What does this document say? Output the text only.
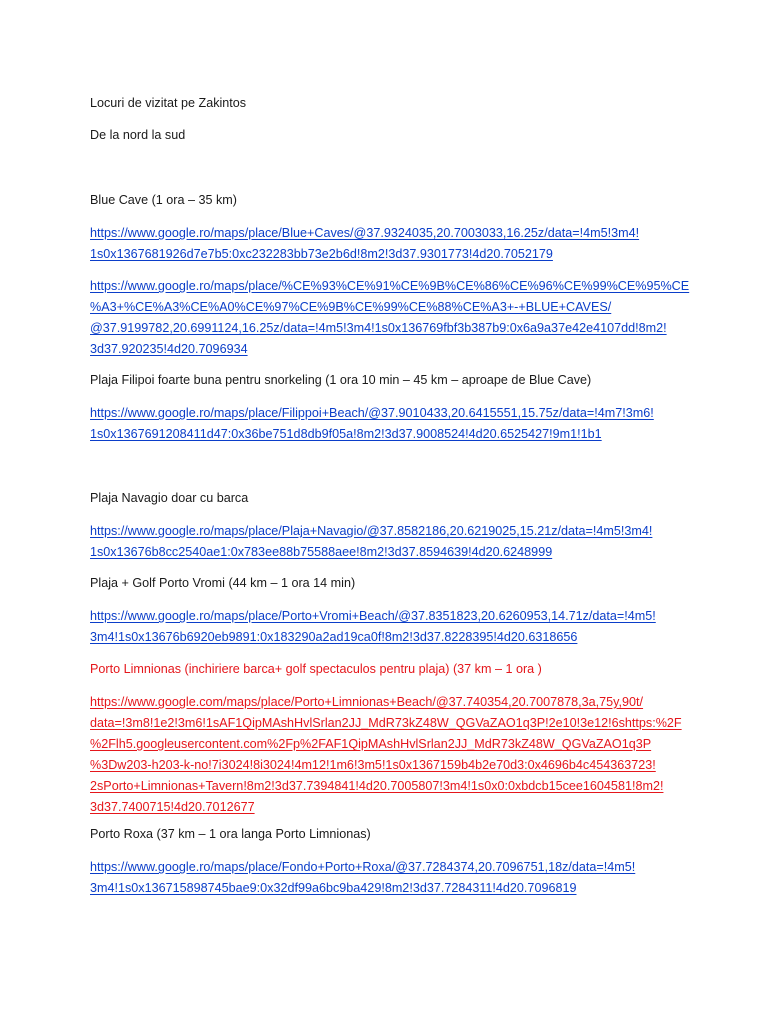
Locuri de vizitat pe Zakintos

De la nord la sud

Blue Cave (1 ora – 35 km)

https://www.google.ro/maps/place/Blue+Caves/@37.9324035,20.7003033,16.25z/data=!4m5!3m4!

1s0x1367681926d7e7b5:0xc232283bb73e2b6d!8m2!3d37.9301773!4d20.7052179

https://www.google.ro/maps/place/%CE%93%CE%91%CE%9B%CE%86%CE%96%CE%99%CE%95%CE

%A3+%CE%A3%CE%A0%CE%97%CE%9B%CE%99%CE%88%CE%A3+-+BLUE+CAVES/

@37.9199782,20.6991124,16.25z/data=!4m5!3m4!1s0x136769fbf3b387b9:0x6a9a37e42e4107dd!8m2!

3d37.920235!4d20.7096934

Plaja Filipoi foarte buna pentru snorkeling (1 ora 10 min – 45 km – aproape de Blue Cave)

https://www.google.ro/maps/place/Filippoi+Beach/@37.9010433,20.6415551,15.75z/data=!4m7!3m6!

1s0x1367691208411d47:0x36be751d8db9f05a!8m2!3d37.9008524!4d20.6525427!9m1!1b1

Plaja Navagio doar cu barca

https://www.google.ro/maps/place/Plaja+Navagio/@37.8582186,20.6219025,15.21z/data=!4m5!3m4!

1s0x13676b8cc2540ae1:0x783ee88b75588aee!8m2!3d37.8594639!4d20.6248999

Plaja + Golf Porto Vromi (44 km – 1 ora 14 min)

https://www.google.ro/maps/place/Porto+Vromi+Beach/@37.8351823,20.6260953,14.71z/data=!4m5!

3m4!1s0x13676b6920eb9891:0x183290a2ad19ca0f!8m2!3d37.8228395!4d20.6318656

Porto Limnionas (inchiriere barca+ golf spectaculos pentru plaja) (37 km – 1 ora )

https://www.google.com/maps/place/Porto+Limnionas+Beach/@37.740354,20.7007878,3a,75y,90t/

data=!3m8!1e2!3m6!1sAF1QipMAshHvlSrlan2JJ_MdR73kZ48W_QGVaZAO1q3P!2e10!3e12!6shttps:%2F

%2Flh5.googleusercontent.com%2Fp%2FAF1QipMAshHvlSrlan2JJ_MdR73kZ48W_QGVaZAO1q3P

%3Dw203-h203-k-no!7i3024!8i3024!4m12!1m6!3m5!1s0x1367159b4b2e70d3:0x4696b4c454363723!

2sPorto+Limnionas+Tavern!8m2!3d37.7394841!4d20.7005807!3m4!1s0x0:0xbdcb15cee1604581!8m2!

3d37.7400715!4d20.7012677

Porto Roxa (37 km – 1 ora langa Porto Limnionas)

https://www.google.ro/maps/place/Fondo+Porto+Roxa/@37.7284374,20.7096751,18z/data=!4m5!

3m4!1s0x136715898745bae9:0x32df99a6bc9ba429!8m2!3d37.7284311!4d20.7096819
